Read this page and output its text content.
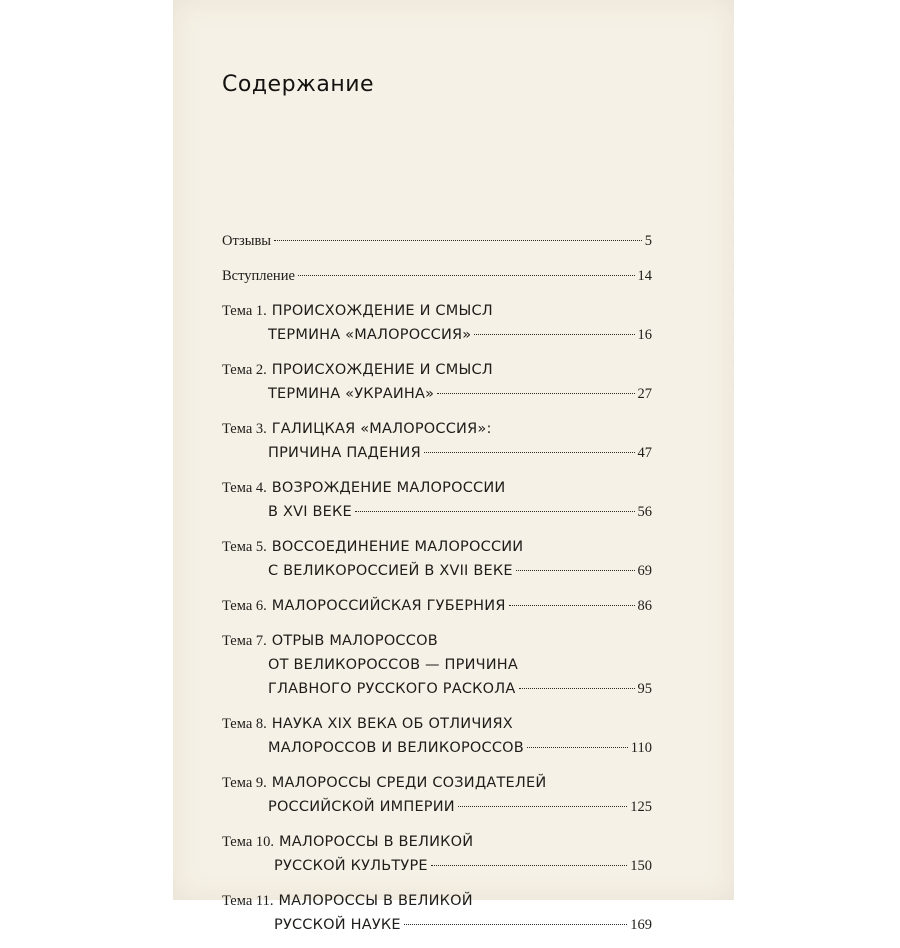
Содержание
Отзывы	5
Вступление	14
Тема 1. ПРОИСХОЖДЕНИЕ И СМЫСЛ
ТЕРМИНА «МАЛОРОССИЯ»	16
Тема 2. ПРОИСХОЖДЕНИЕ И СМЫСЛ
ТЕРМИНА «УКРАИНА»	27
Тема 3. ГАЛИЦКАЯ «МАЛОРОССИЯ»:
ПРИЧИНА ПАДЕНИЯ	47
Тема 4. ВОЗРОЖДЕНИЕ МАЛОРОССИИ
В XVI ВЕКЕ	56
Тема 5. ВОССОЕДИНЕНИЕ МАЛОРОССИИ
С ВЕЛИКОРОССИЕЙ В XVII ВЕКЕ	69
Тема 6. МАЛОРОССИЙСКАЯ ГУБЕРНИЯ	86
Тема 7. ОТРЫВ МАЛОРОССОВ
ОТ ВЕЛИКОРОССОВ — ПРИЧИНА
ГЛАВНОГО РУССКОГО РАСКОЛА	95
Тема 8. НАУКА XIX ВЕКА ОБ ОТЛИЧИЯХ
МАЛОРОССОВ И ВЕЛИКОРОССОВ	110
Тема 9. МАЛОРОССЫ СРЕДИ СОЗИДАТЕЛЕЙ
РОССИЙСКОЙ ИМПЕРИИ	125
Тема 10. МАЛОРОССЫ В ВЕЛИКОЙ
РУССКОЙ КУЛЬТУРЕ	150
Тема 11. МАЛОРОССЫ В ВЕЛИКОЙ
РУССКОЙ НАУКЕ	169
